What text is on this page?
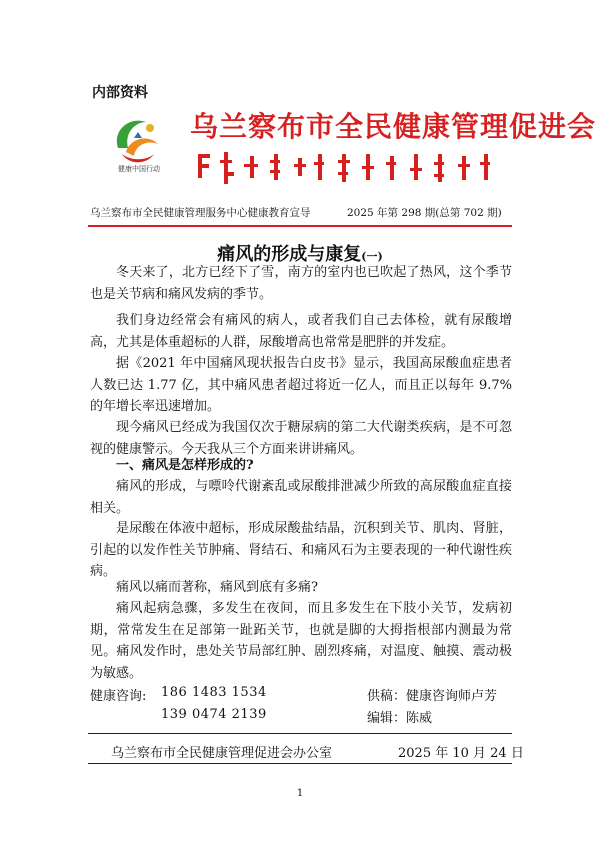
内部资料
健康中国行动
乌兰察布市全民健康管理促进会
乌兰察布市全民健康管理服务中心健康教育宣导	2025 年第 298 期(总第 702 期)
痛风的形成与康复(一)

冬天来了，北方已经下了雪，南方的室内也已吹起了热风，这个季节也是关节病和痛风发病的季节。

我们身边经常会有痛风的病人，或者我们自己去体检，就有尿酸增高，尤其是体重超标的人群，尿酸增高也常常是肥胖的并发症。

据《2021 年中国痛风现状报告白皮书》显示，我国高尿酸血症患者人数已达 1.77 亿，其中痛风患者超过将近一亿人，而且正以每年 9.7% 的年增长率迅速增加。

现今痛风已经成为我国仅次于糖尿病的第二大代谢类疾病，是不可忽视的健康警示。今天我从三个方面来讲讲痛风。

一、痛风是怎样形成的?

痛风的形成，与嘌呤代谢紊乱或尿酸排泄减少所致的高尿酸血症直接相关。

是尿酸在体液中超标，形成尿酸盐结晶，沉积到关节、肌肉、肾脏，引起的以发作性关节肿痛、肾结石、和痛风石为主要表现的一种代谢性疾病。

痛风以痛而著称，痛风到底有多痛?

痛风起病急骤，多发生在夜间，而且多发生在下肢小关节，发病初期，常常发生在足部第一趾跖关节，也就是脚的大拇指根部内测最为常见。痛风发作时，患处关节局部红肿、剧烈疼痛，对温度、触摸、震动极为敏感。

健康咨询: 186 1483 1534
139 0474 2139
供稿：健康咨询师卢芳
编辑：陈威
乌兰察布市全民健康管理促进会办公室	2025 年 10 月 24 日
1
